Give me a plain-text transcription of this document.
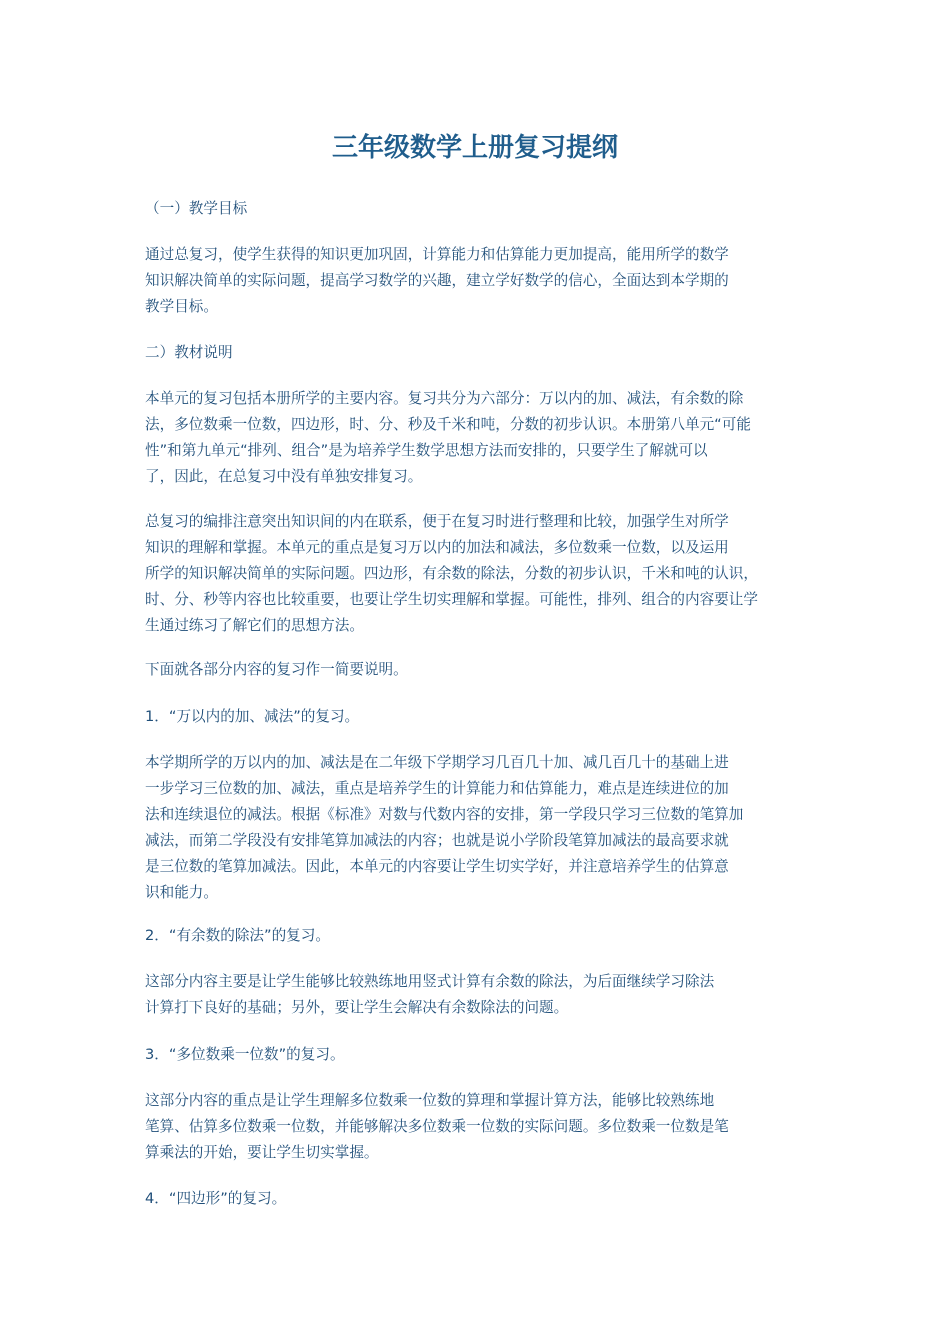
三年级数学上册复习提纲

（一）教学目标

通过总复习，使学生获得的知识更加巩固，计算能力和估算能力更加提高，能用所学的数学
知识解决简单的实际问题，提高学习数学的兴趣，建立学好数学的信心，全面达到本学期的
教学目标。

二）教材说明

本单元的复习包括本册所学的主要内容。复习共分为六部分：万以内的加、减法，有余数的除
法，多位数乘一位数，四边形，时、分、秒及千米和吨，分数的初步认识。本册第八单元“可能
性”和第九单元“排列、组合”是为培养学生数学思想方法而安排的，只要学生了解就可以
了，因此，在总复习中没有单独安排复习。

总复习的编排注意突出知识间的内在联系，便于在复习时进行整理和比较，加强学生对所学
知识的理解和掌握。本单元的重点是复习万以内的加法和减法，多位数乘一位数，以及运用
所学的知识解决简单的实际问题。四边形，有余数的除法，分数的初步认识，千米和吨的认识，
时、分、秒等内容也比较重要，也要让学生切实理解和掌握。可能性，排列、组合的内容要让学
生通过练习了解它们的思想方法。

下面就各部分内容的复习作一简要说明。

1．“万以内的加、减法”的复习。

本学期所学的万以内的加、减法是在二年级下学期学习几百几十加、减几百几十的基础上进
一步学习三位数的加、减法，重点是培养学生的计算能力和估算能力，难点是连续进位的加
法和连续退位的减法。根据《标准》对数与代数内容的安排，第一学段只学习三位数的笔算加
减法，而第二学段没有安排笔算加减法的内容；也就是说小学阶段笔算加减法的最高要求就
是三位数的笔算加减法。因此，本单元的内容要让学生切实学好，并注意培养学生的估算意
识和能力。

2．“有余数的除法”的复习。

这部分内容主要是让学生能够比较熟练地用竖式计算有余数的除法，为后面继续学习除法
计算打下良好的基础；另外，要让学生会解决有余数除法的问题。

3．“多位数乘一位数”的复习。

这部分内容的重点是让学生理解多位数乘一位数的算理和掌握计算方法，能够比较熟练地
笔算、估算多位数乘一位数，并能够解决多位数乘一位数的实际问题。多位数乘一位数是笔
算乘法的开始，要让学生切实掌握。

4．“四边形”的复习。
